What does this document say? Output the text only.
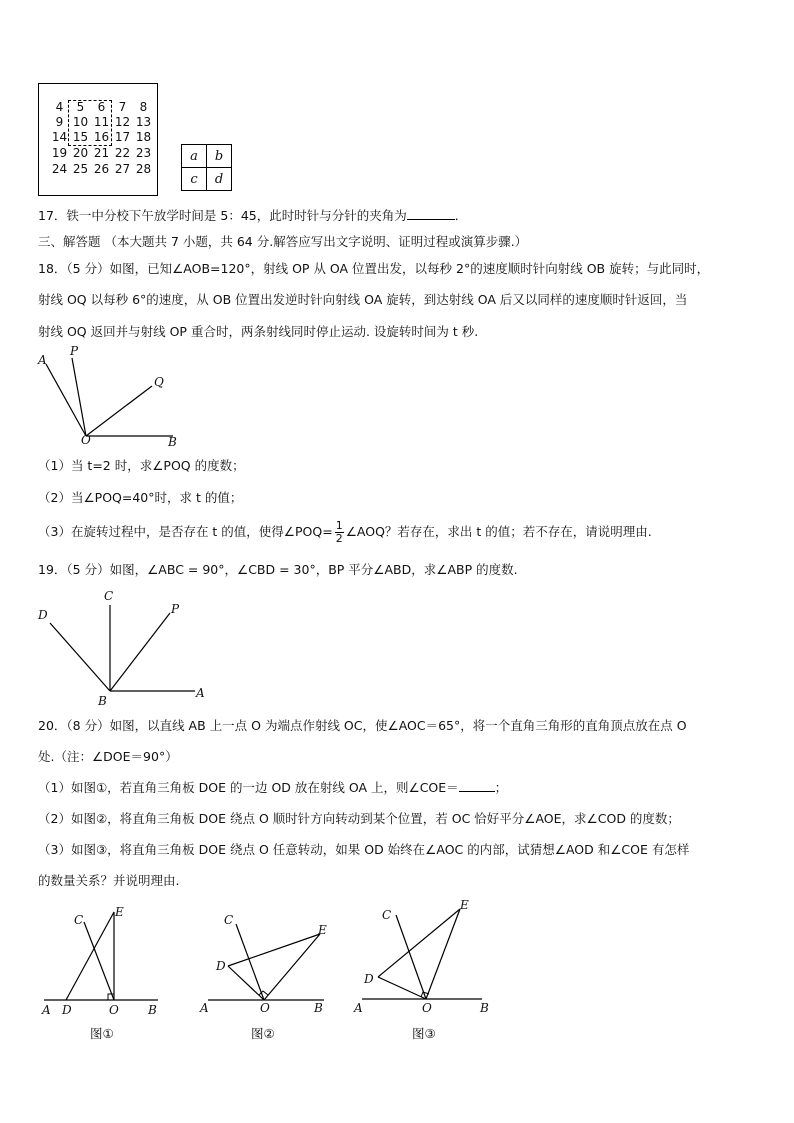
4 5 6 7 8
9 10 11 12 13
14 15 16 17 18
19 20 21 22 23
24 25 26 27 28
a	b
c	d
17．铁一中分校下午放学时间是 5：45，此时时针与分针的夹角为	．
三、解答题 （本大题共 7 小题，共 64 分.解答应写出文字说明、证明过程或演算步骤.）
18．（5 分）如图，已知∠AOB=120°，射线 OP 从 OA 位置出发，以每秒 2°的速度顺时针向射线 OB 旋转；与此同时，
射线 OQ 以每秒 6°的速度，从 OB 位置出发逆时针向射线 OA 旋转，到达射线 OA 后又以同样的速度顺时针返回，当
射线 OQ 返回并与射线 OP 重合时，两条射线同时停止运动. 设旋转时间为 t 秒.
A
P
Q
O	B
（1）当 t=2 时，求∠POQ 的度数；
（2）当∠POQ=40°时，求 t 的值；
（3）在旋转过程中，是否存在 t 的值，使得∠POQ= $\frac{1}{2}$ ∠AOQ？若存在，求出 t 的值；若不存在，请说明理由.
19．（5 分）如图，∠ABC = 90°，∠CBD = 30°，BP 平分∠ABD，求∠ABP 的度数.
D
C
P
B
A
20．（8 分）如图，以直线 AB 上一点 O 为端点作射线 OC，使∠AOC＝65°，将一个直角三角形的直角顶点放在点 O
处.（注：∠DOE＝90°）
（1）如图①，若直角三角板 DOE 的一边 OD 放在射线 OA 上，则∠COE＝	；
（2）如图②，将直角三角板 DOE 绕点 O 顺时针方向转动到某个位置，若 OC 恰好平分∠AOE，求∠COD 的度数；
（3）如图③，将直角三角板 DOE 绕点 O 任意转动，如果 OD 始终在∠AOC 的内部，试猜想∠AOD 和∠COE 有怎样
的数量关系？并说明理由.
C
E
A D	O B
图①
C
E
D
A	O	B
图②
C
E
D
A	O	B
图③
